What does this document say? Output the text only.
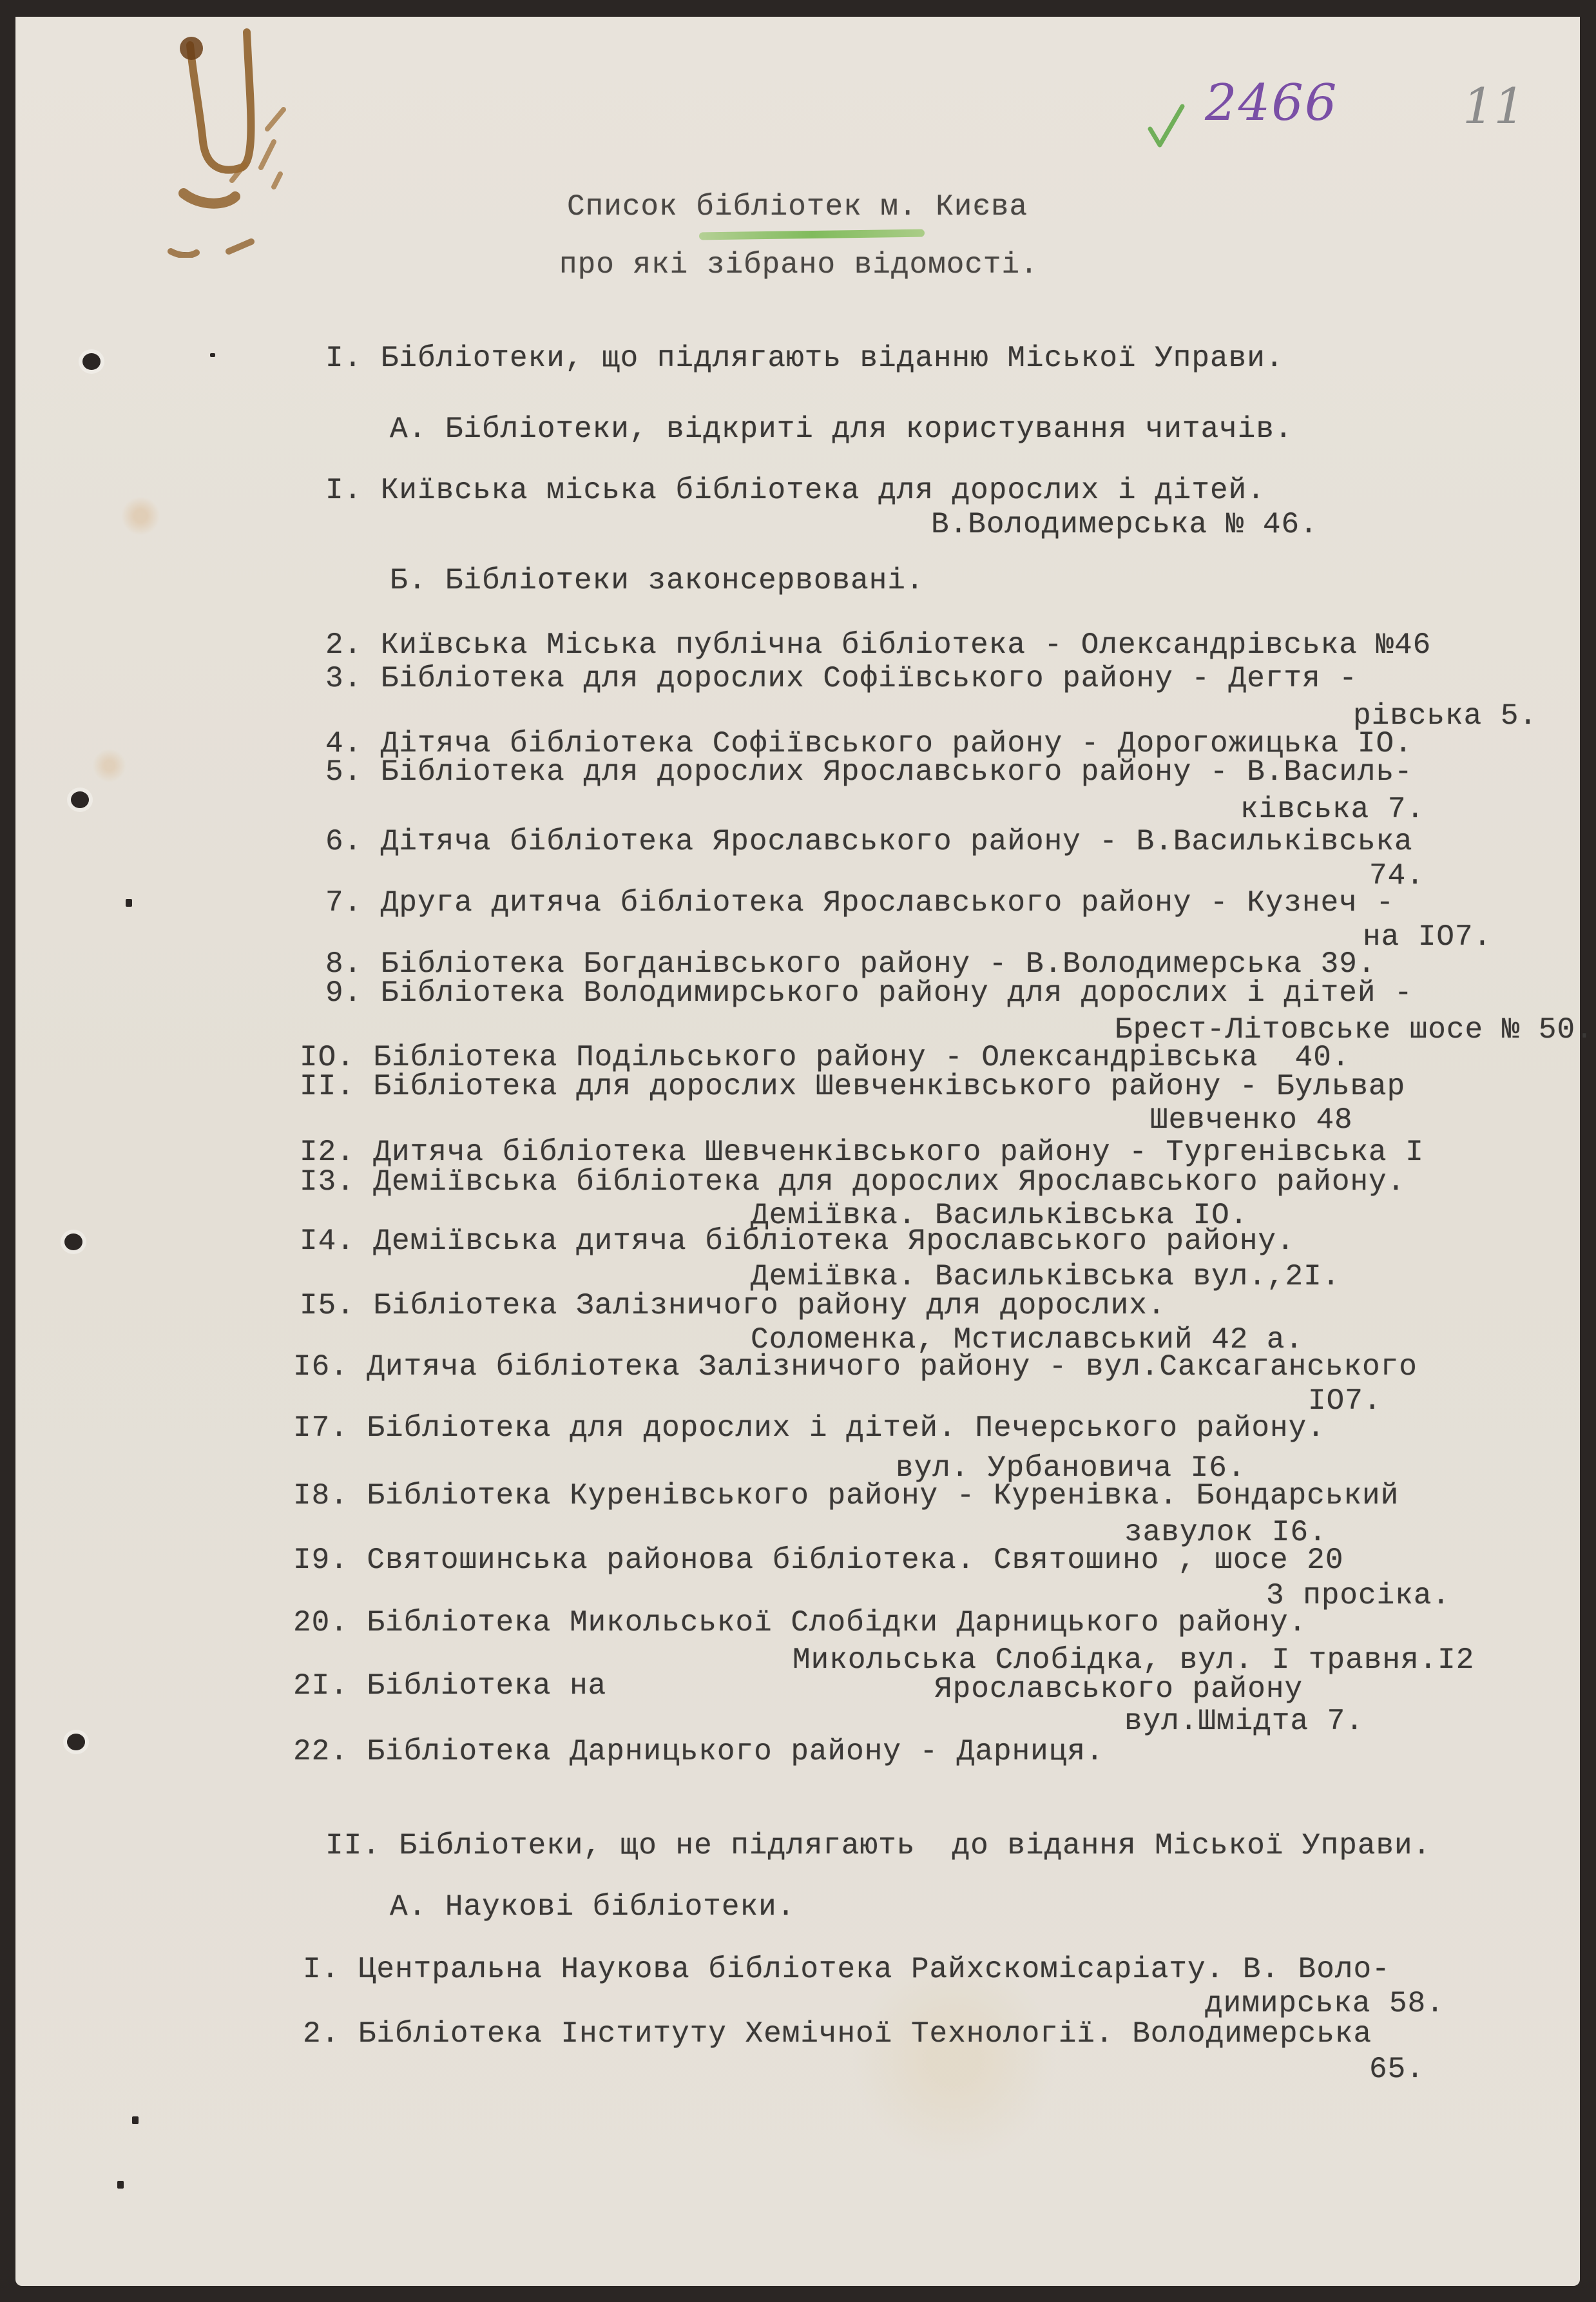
2466	11
Список бібліотек м. Києва
про які зібрано відомості.
I. Бібліотеки, що підлягають віданню Міської Управи.
А. Бібліотеки, відкриті для користування читачів.
I. Київська міська бібліотека для дорослих і дітей.
В.Володимерська № 46.
Б. Бібліотеки законсервовані.
2. Київська Міська публічна бібліотека - Олександрівська №46
3. Бібліотека для дорослих Софіївського району - Дегтя -
рівська 5.
4. Дітяча бібліотека Софіївського району - Дорогожицька IO.
5. Бібліотека для дорослих Ярославського району - В.Василь-
ківська 7.
6. Дітяча бібліотека Ярославського району - В.Васильківська
74.
7. Друга дитяча бібліотека Ярославського району - Кузнеч -
на IO7.
8. Бібліотека Богданівського району - В.Володимерська 39.
9. Бібліотека Володимирського району для дорослих і дітей -
Брест-Літовське шосе № 50.
IO. Бібліотека Подільського району - Олександрівська  40.
II. Бібліотека для дорослих Шевченківського району - Бульвар
Шевченко 48
I2. Дитяча бібліотека Шевченківського району - Тургенівська I
I3. Деміївська бібліотека для дорослих Ярославського району.
Деміївка. Васильківська IO.
I4. Деміївська дитяча бібліотека Ярославського району.
Деміївка. Васильківська вул.,2I.
I5. Бібліотека Залізничого району для дорослих.
Соломенка, Мстиславський 42 а.
I6. Дитяча бібліотека Залізничого району - вул.Саксаганського
IO7.
I7. Бібліотека для дорослих і дітей. Печерського району.
вул. Урбановича I6.
I8. Бібліотека Куренівського району - Куренівка. Бондарський
завулок I6.
I9. Святошинська районова бібліотека. Святошино , шосе 20
3 просіка.
20. Бібліотека Микольської Слобідки Дарницького району.
Микольська Слобідка, вул. I травня.I2
2I. Бібліотека на	Ярославського району
вул.Шмідта 7.
22. Бібліотека Дарницького району - Дарниця.
II. Бібліотеки, що не підлягають  до відання Міської Управи.
А. Наукові бібліотеки.
I. Центральна Наукова бібліотека Райхскомісаріату. В. Воло-
димирська 58.
2. Бібліотека Інституту Хемічної Технології. Володимерська
65.
